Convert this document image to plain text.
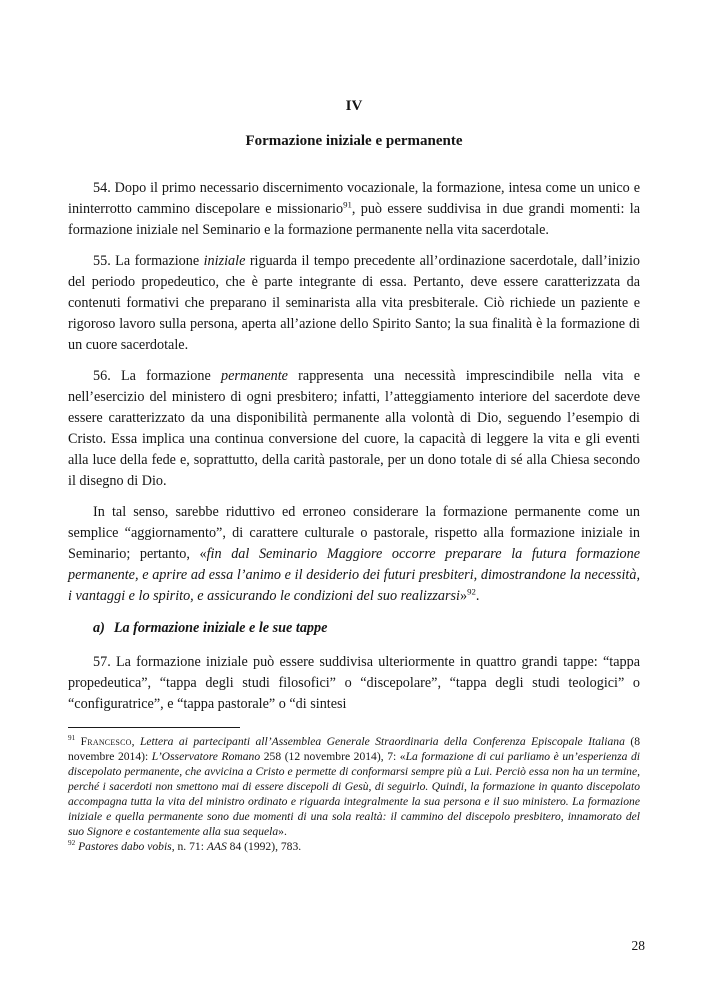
IV
Formazione iniziale e permanente

54. Dopo il primo necessario discernimento vocazionale, la formazione, intesa come un unico e ininterrotto cammino discepolare e missionario$^{91}$, può essere suddivisa in due grandi momenti: la formazione iniziale nel Seminario e la formazione permanente nella vita sacerdotale.

55. La formazione iniziale riguarda il tempo precedente all’ordinazione sacerdotale, dall’inizio del periodo propedeutico, che è parte integrante di essa. Pertanto, deve essere caratterizzata da contenuti formativi che preparano il seminarista alla vita presbiterale. Ciò richiede un paziente e rigoroso lavoro sulla persona, aperta all’azione dello Spirito Santo; la sua finalità è la formazione di un cuore sacerdotale.

56. La formazione permanente rappresenta una necessità imprescindibile nella vita e nell’esercizio del ministero di ogni presbitero; infatti, l’atteggiamento interiore del sacerdote deve essere caratterizzato da una disponibilità permanente alla volontà di Dio, seguendo l’esempio di Cristo. Essa implica una continua conversione del cuore, la capacità di leggere la vita e gli eventi alla luce della fede e, soprattutto, della carità pastorale, per un dono totale di sé alla Chiesa secondo il disegno di Dio.

In tal senso, sarebbe riduttivo ed erroneo considerare la formazione permanente come un semplice “aggiornamento”, di carattere culturale o pastorale, rispetto alla formazione iniziale in Seminario; pertanto, «fin dal Seminario Maggiore occorre preparare la futura formazione permanente, e aprire ad essa l’animo e il desiderio dei futuri presbiteri, dimostrandone la necessità, i vantaggi e lo spirito, e assicurando le condizioni del suo realizzarsi»$^{92}$.

a) La formazione iniziale e le sue tappe

57. La formazione iniziale può essere suddivisa ulteriormente in quattro grandi tappe: “tappa propedeutica”, “tappa degli studi filosofici” o “discepolare”, “tappa degli studi teologici” o “configuratrice”, e “tappa pastorale” o “di sintesi

$^{91}$ Francesco, Lettera ai partecipanti all’Assemblea Generale Straordinaria della Conferenza Episcopale Italiana (8 novembre 2014): L’Osservatore Romano 258 (12 novembre 2014), 7: «La formazione di cui parliamo è un’esperienza di discepolato permanente, che avvicina a Cristo e permette di conformarsi sempre più a Lui. Perciò essa non ha un termine, perché i sacerdoti non smettono mai di essere discepoli di Gesù, di seguirlo. Quindi, la formazione in quanto discepolato accompagna tutta la vita del ministro ordinato e riguarda integralmente la sua persona e il suo ministero. La formazione iniziale e quella permanente sono due momenti di una sola realtà: il cammino del discepolo presbitero, innamorato del suo Signore e costantemente alla sua sequela».

$^{92}$ Pastores dabo vobis, n. 71: AAS 84 (1992), 783.

28
